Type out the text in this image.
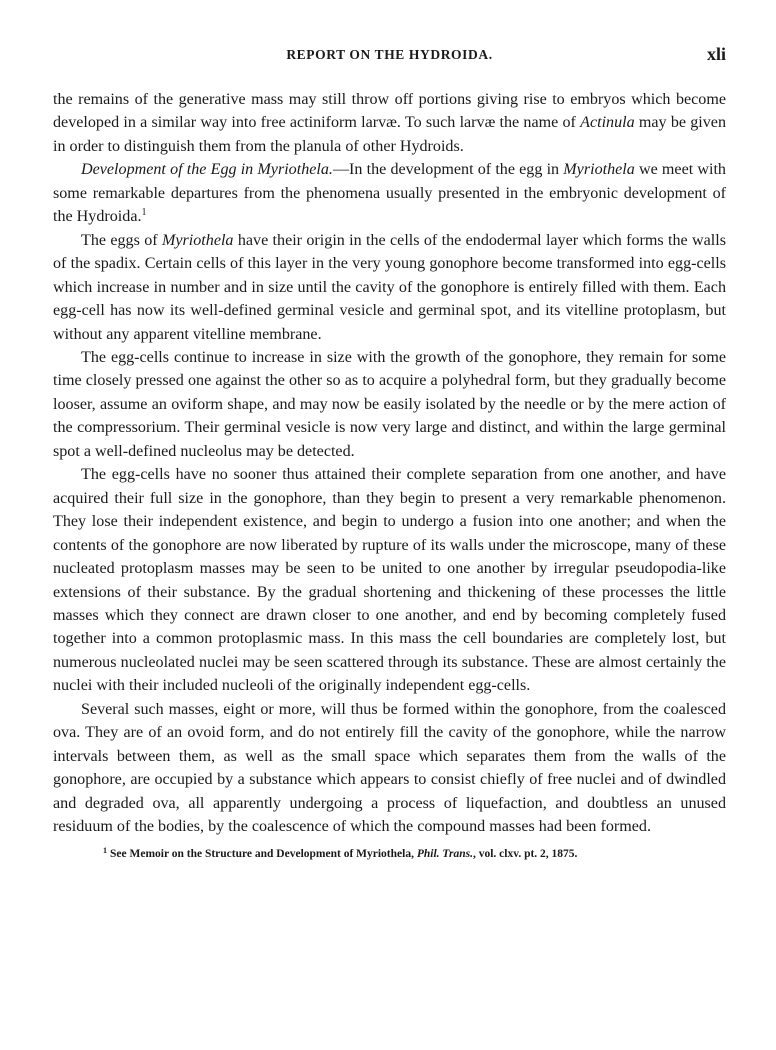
REPORT ON THE HYDROIDA.	xli

the remains of the generative mass may still throw off portions giving rise to embryos which become developed in a similar way into free actiniform larvæ. To such larvæ the name of Actinula may be given in order to distinguish them from the planula of other Hydroids.

Development of the Egg in Myriothela.—In the development of the egg in Myriothela we meet with some remarkable departures from the phenomena usually presented in the embryonic development of the Hydroida.$^1$

The eggs of Myriothela have their origin in the cells of the endodermal layer which forms the walls of the spadix. Certain cells of this layer in the very young gonophore become transformed into egg-cells which increase in number and in size until the cavity of the gonophore is entirely filled with them. Each egg-cell has now its well-defined germinal vesicle and germinal spot, and its vitelline protoplasm, but without any apparent vitelline membrane.

The egg-cells continue to increase in size with the growth of the gonophore, they remain for some time closely pressed one against the other so as to acquire a polyhedral form, but they gradually become looser, assume an oviform shape, and may now be easily isolated by the needle or by the mere action of the compressorium. Their germinal vesicle is now very large and distinct, and within the large germinal spot a well-defined nucleolus may be detected.

The egg-cells have no sooner thus attained their complete separation from one another, and have acquired their full size in the gonophore, than they begin to present a very remarkable phenomenon. They lose their independent existence, and begin to undergo a fusion into one another; and when the contents of the gonophore are now liberated by rupture of its walls under the microscope, many of these nucleated protoplasm masses may be seen to be united to one another by irregular pseudopodia-like extensions of their substance. By the gradual shortening and thickening of these processes the little masses which they connect are drawn closer to one another, and end by becoming completely fused together into a common protoplasmic mass. In this mass the cell boundaries are completely lost, but numerous nucleolated nuclei may be seen scattered through its substance. These are almost certainly the nuclei with their included nucleoli of the originally independent egg-cells.

Several such masses, eight or more, will thus be formed within the gonophore, from the coalesced ova. They are of an ovoid form, and do not entirely fill the cavity of the gonophore, while the narrow intervals between them, as well as the small space which separates them from the walls of the gonophore, are occupied by a substance which appears to consist chiefly of free nuclei and of dwindled and degraded ova, all apparently undergoing a process of liquefaction, and doubtless an unused residuum of the bodies, by the coalescence of which the compound masses had been formed.

$^1$ See Memoir on the Structure and Development of Myriothela, Phil. Trans., vol. clxv. pt. 2, 1875.
